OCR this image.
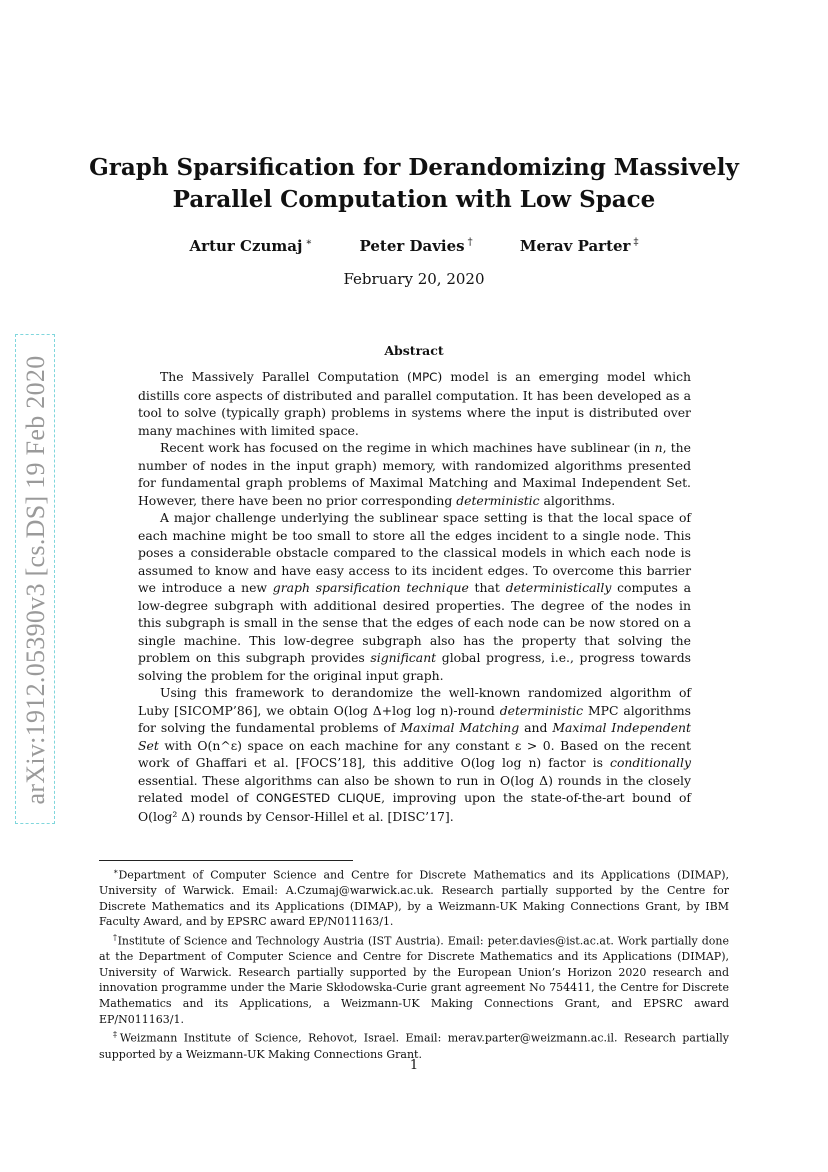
arXiv:1912.05390v3 [cs.DS] 19 Feb 2020
Graph Sparsification for Derandomizing Massively
Parallel Computation with Low Space
Artur Czumaj ∗	Peter Davies †	Merav Parter ‡
February 20, 2020
Abstract

The Massively Parallel Computation (MPC) model is an emerging model which distills core aspects of distributed and parallel computation. It has been developed as a tool to solve (typically graph) problems in systems where the input is distributed over many machines with limited space.

Recent work has focused on the regime in which machines have sublinear (in n, the number of nodes in the input graph) memory, with randomized algorithms presented for fundamental graph problems of Maximal Matching and Maximal Independent Set. However, there have been no prior corresponding deterministic algorithms.

A major challenge underlying the sublinear space setting is that the local space of each machine might be too small to store all the edges incident to a single node. This poses a considerable obstacle compared to the classical models in which each node is assumed to know and have easy access to its incident edges. To overcome this barrier we introduce a new graph sparsification technique that deterministically computes a low-degree subgraph with additional desired properties. The degree of the nodes in this subgraph is small in the sense that the edges of each node can be now stored on a single machine. This low-degree subgraph also has the property that solving the problem on this subgraph provides significant global progress, i.e., progress towards solving the problem for the original input graph.

Using this framework to derandomize the well-known randomized algorithm of Luby [SICOMP’86], we obtain O(log Δ+log log n)-round deterministic MPC algorithms for solving the fundamental problems of Maximal Matching and Maximal Independent Set with O(n^ε) space on each machine for any constant ε > 0. Based on the recent work of Ghaffari et al. [FOCS’18], this additive O(log log n) factor is conditionally essential. These algorithms can also be shown to run in O(log Δ) rounds in the closely related model of CONGESTED CLIQUE, improving upon the state-of-the-art bound of O(log² Δ) rounds by Censor-Hillel et al. [DISC’17].

∗Department of Computer Science and Centre for Discrete Mathematics and its Applications (DIMAP), University of Warwick. Email: A.Czumaj@warwick.ac.uk. Research partially supported by the Centre for Discrete Mathematics and its Applications (DIMAP), by a Weizmann-UK Making Connections Grant, by IBM Faculty Award, and by EPSRC award EP/N011163/1.

†Institute of Science and Technology Austria (IST Austria). Email: peter.davies@ist.ac.at. Work partially done at the Department of Computer Science and Centre for Discrete Mathematics and its Applications (DIMAP), University of Warwick. Research partially supported by the European Union’s Horizon 2020 research and innovation programme under the Marie Skłodowska-Curie grant agreement No 754411, the Centre for Discrete Mathematics and its Applications, a Weizmann-UK Making Connections Grant, and EPSRC award EP/N011163/1.

‡Weizmann Institute of Science, Rehovot, Israel. Email: merav.parter@weizmann.ac.il. Research partially supported by a Weizmann-UK Making Connections Grant.

1
